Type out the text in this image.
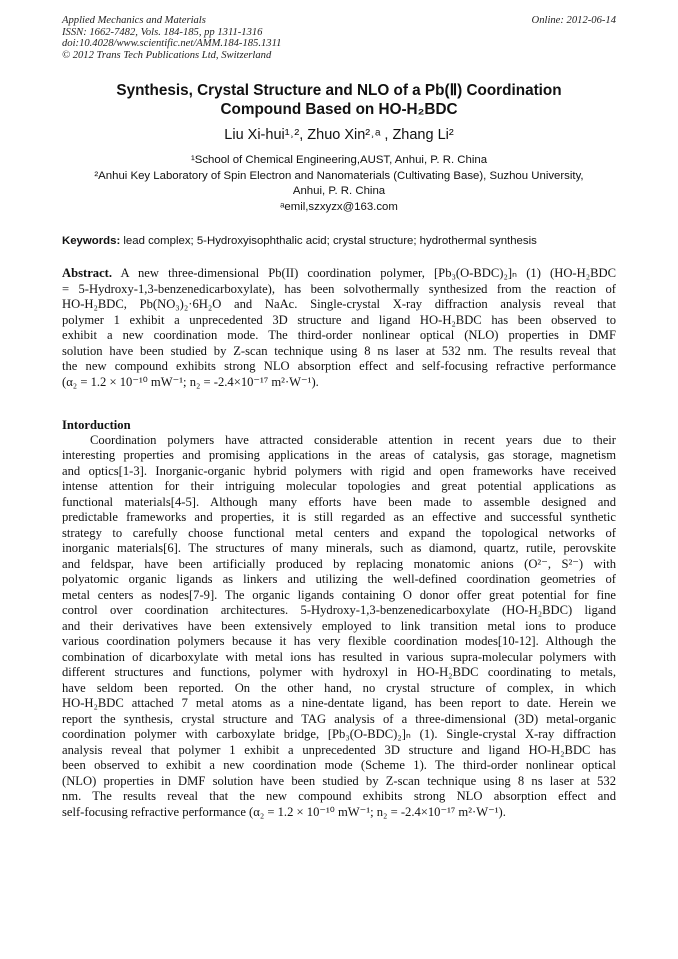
Applied Mechanics and Materials
ISSN: 1662-7482, Vols. 184-185, pp 1311-1316
doi:10.4028/www.scientific.net/AMM.184-185.1311
© 2012 Trans Tech Publications Ltd, Switzerland
Online: 2012-06-14
Synthesis, Crystal Structure and NLO of a Pb(Ⅱ) Coordination
Compound Based on HO-H₂BDC
Liu Xi-hui¹˒², Zhuo Xin²˒ᵃ , Zhang Li²
¹School of Chemical Engineering,AUST, Anhui, P. R. China
²Anhui Key Laboratory of Spin Electron and Nanomaterials (Cultivating Base), Suzhou University,
Anhui, P. R. China
ᵃemil,szxyzx@163.com
Keywords: lead complex; 5-Hydroxyisophthalic acid; crystal structure; hydrothermal synthesis
Abstract. A new three-dimensional Pb(II) coordination polymer, [Pb₃(O-BDC)₂]ₙ (1) (HO-H₂BDC
= 5-Hydroxy-1,3-benzenedicarboxylate), has been solvothermally synthesized from the reaction of
HO-H₂BDC, Pb(NO₃)₂·6H₂O and NaAc. Single-crystal X-ray diffraction analysis reveal that
polymer 1 exhibit a unprecedented 3D structure and ligand HO-H₂BDC has been observed to
exhibit a new coordination mode. The third-order nonlinear optical (NLO) properties in DMF
solution have been studied by Z-scan technique using 8 ns laser at 532 nm. The results reveal that
the new compound exhibits strong NLO absorption effect and self-focusing refractive performance
(α₂ = 1.2 × 10⁻¹⁰ mW⁻¹; n₂ = -2.4×10⁻¹⁷ m²·W⁻¹).
Intorduction
Coordination polymers have attracted considerable attention in recent years due to their
interesting properties and promising applications in the areas of catalysis, gas storage, magnetism
and optics[1-3]. Inorganic-organic hybrid polymers with rigid and open frameworks have received
intense attention for their intriguing molecular topologies and great potential applications as
functional materials[4-5]. Although many efforts have been made to assemble designed and
predictable frameworks and properties, it is still regarded as an effective and successful synthetic
strategy to carefully choose functional metal centers and expand the topological networks of
inorganic materials[6]. The structures of many minerals, such as diamond, quartz, rutile, perovskite
and feldspar, have been artificially produced by replacing monatomic anions (O²⁻, S²⁻) with
polyatomic organic ligands as linkers and utilizing the well-defined coordination geometries of
metal centers as nodes[7-9]. The organic ligands containing O donor offer great potential for fine
control over coordination architectures. 5-Hydroxy-1,3-benzenedicarboxylate (HO-H₂BDC) ligand
and their derivatives have been extensively employed to link transition metal ions to produce
various coordination polymers because it has very flexible coordination modes[10-12]. Although the
combination of dicarboxylate with metal ions has resulted in various supra-molecular polymers with
different structures and functions, polymer with hydroxyl in HO-H₂BDC coordinating to metals,
have seldom been reported. On the other hand, no crystal structure of complex, in which
HO-H₂BDC attached 7 metal atoms as a nine-dentate ligand, has been report to date. Herein we
report the synthesis, crystal structure and TAG analysis of a three-dimensional (3D) metal-organic
coordination polymer with carboxylate bridge, [Pb₃(O-BDC)₂]ₙ (1). Single-crystal X-ray diffraction
analysis reveal that polymer 1 exhibit a unprecedented 3D structure and ligand HO-H₂BDC has
been observed to exhibit a new coordination mode (Scheme 1). The third-order nonlinear optical
(NLO) properties in DMF solution have been studied by Z-scan technique using 8 ns laser at 532
nm. The results reveal that the new compound exhibits strong NLO absorption effect and
self-focusing refractive performance (α₂ = 1.2 × 10⁻¹⁰ mW⁻¹; n₂ = -2.4×10⁻¹⁷ m²·W⁻¹).
